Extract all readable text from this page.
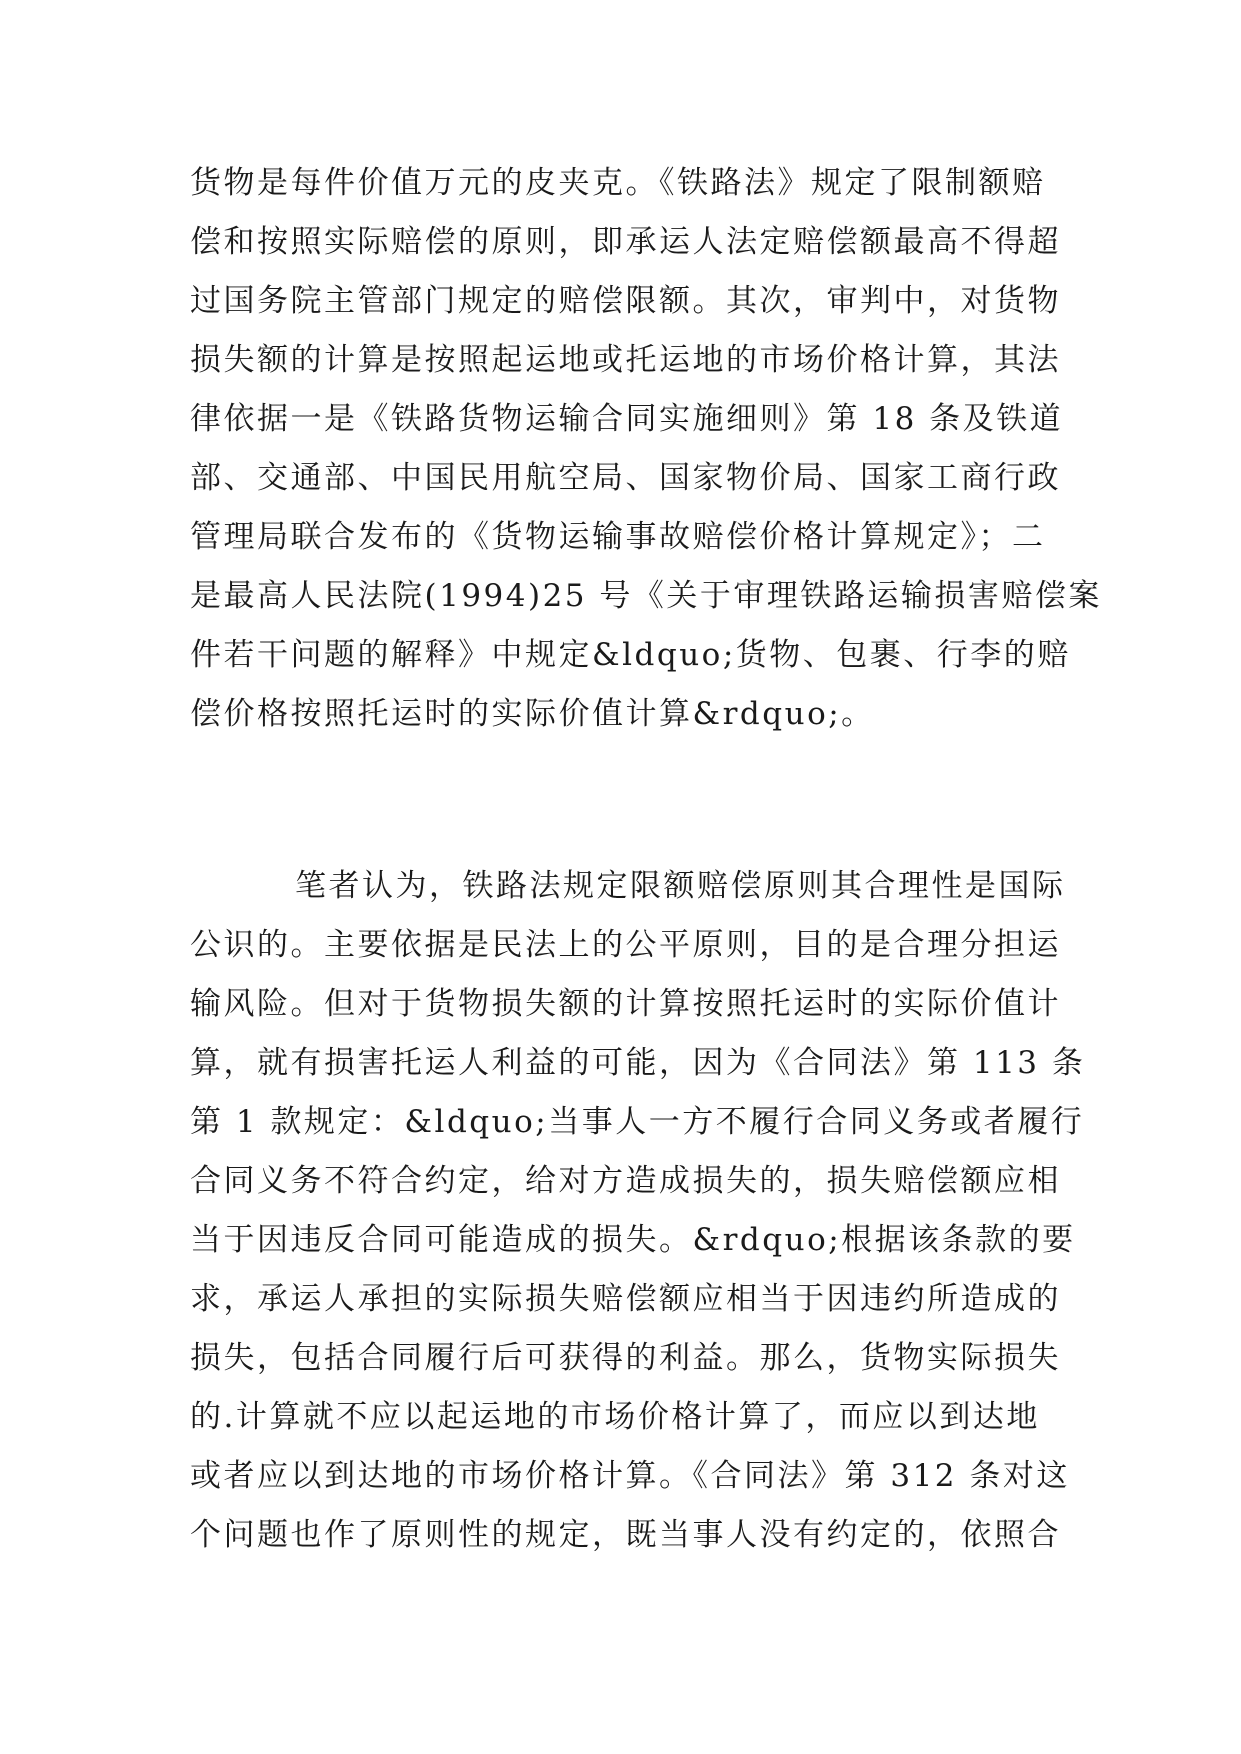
货物是每件价值万元的皮夹克。《铁路法》规定了限制额赔
偿和按照实际赔偿的原则，即承运人法定赔偿额最高不得超
过国务院主管部门规定的赔偿限额。其次，审判中，对货物
损失额的计算是按照起运地或托运地的市场价格计算，其法
律依据一是《铁路货物运输合同实施细则》第 18 条及铁道
部、交通部、中国民用航空局、国家物价局、国家工商行政
管理局联合发布的《货物运输事故赔偿价格计算规定》；二
是最高人民法院(1994)25 号《关于审理铁路运输损害赔偿案
件若干问题的解释》中规定&ldquo;货物、包裹、行李的赔
偿价格按照托运时的实际价值计算&rdquo;。
笔者认为，铁路法规定限额赔偿原则其合理性是国际
公识的。主要依据是民法上的公平原则，目的是合理分担运
输风险。但对于货物损失额的计算按照托运时的实际价值计
算，就有损害托运人利益的可能，因为《合同法》第 113 条
第 1 款规定：&ldquo;当事人一方不履行合同义务或者履行
合同义务不符合约定，给对方造成损失的，损失赔偿额应相
当于因违反合同可能造成的损失。&rdquo;根据该条款的要
求，承运人承担的实际损失赔偿额应相当于因违约所造成的
损失，包括合同履行后可获得的利益。那么，货物实际损失
的.计算就不应以起运地的市场价格计算了，而应以到达地
或者应以到达地的市场价格计算。《合同法》第 312 条对这
个问题也作了原则性的规定，既当事人没有约定的，依照合
